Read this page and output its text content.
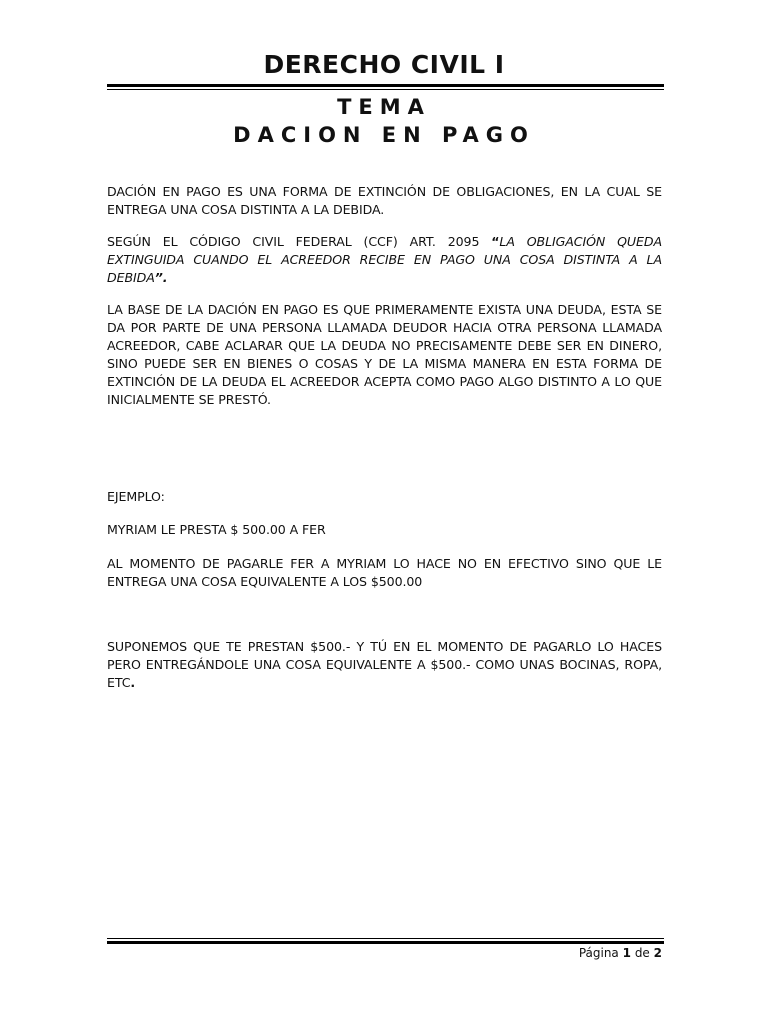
DERECHO CIVIL I
TEMA
DACION EN PAGO
DACIÓN EN PAGO ES UNA FORMA DE EXTINCIÓN DE OBLIGACIONES, EN LA CUAL SE ENTREGA UNA COSA DISTINTA A LA DEBIDA.
SEGÚN EL CÓDIGO CIVIL FEDERAL (CCF) ART. 2095 “LA OBLIGACIÓN QUEDA EXTINGUIDA CUANDO EL ACREEDOR RECIBE EN PAGO UNA COSA DISTINTA A LA DEBIDA”.
LA BASE DE LA DACIÓN EN PAGO ES QUE PRIMERAMENTE EXISTA UNA DEUDA, ESTA SE DA POR PARTE DE UNA PERSONA LLAMADA DEUDOR HACIA OTRA PERSONA LLAMADA ACREEDOR, CABE ACLARAR QUE LA DEUDA NO PRECISAMENTE DEBE SER EN DINERO, SINO PUEDE SER EN BIENES O COSAS Y DE LA MISMA MANERA EN ESTA FORMA DE EXTINCIÓN DE LA DEUDA EL ACREEDOR ACEPTA COMO PAGO ALGO DISTINTO A LO QUE INICIALMENTE SE PRESTÓ.
EJEMPLO:
MYRIAM LE PRESTA $ 500.00 A FER
AL MOMENTO DE PAGARLE FER A MYRIAM LO HACE NO EN EFECTIVO SINO QUE LE ENTREGA UNA COSA EQUIVALENTE A LOS $500.00
SUPONEMOS QUE TE PRESTAN $500.- Y TÚ EN EL MOMENTO DE PAGARLO LO HACES PERO ENTREGÁNDOLE UNA COSA EQUIVALENTE A $500.- COMO UNAS BOCINAS, ROPA, ETC.
Página 1 de 2
